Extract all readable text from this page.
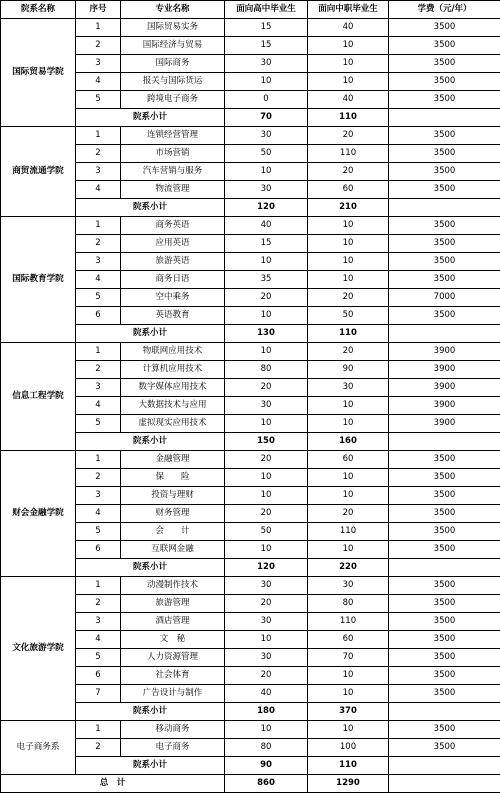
院系名称	序号	专业名称	面向高中毕业生	面向中职毕业生	学费（元/年）
国际贸易学院	1	国际贸易实务	15	40	3500
	2	国际经济与贸易	15	10	3500
	3	国际商务	30	10	3500
	4	报关与国际货运	10	10	3500
	5	跨境电子商务	0	40	3500
	院系小计		70	110	
商贸流通学院	1	连锁经营管理	30	20	3500
	2	市场营销	50	110	3500
	3	汽车营销与服务	10	20	3500
	4	物流管理	30	60	3500
	院系小计		120	210	
国际教育学院	1	商务英语	40	10	3500
	2	应用英语	15	10	3500
	3	旅游英语	10	10	3500
	4	商务日语	35	10	3500
	5	空中乘务	20	20	7000
	6	英语教育	10	50	3500
	院系小计		130	110	
信息工程学院	1	物联网应用技术	10	20	3900
	2	计算机应用技术	80	90	3900
	3	数字媒体应用技术	20	30	3900
	4	大数据技术与应用	30	10	3900
	5	虚拟现实应用技术	10	10	3900
	院系小计		150	160	
财会金融学院	1	金融管理	20	60	3500
	2	保　　险	10	10	3500
	3	投资与理财	10	10	3500
	4	财务管理	20	20	3500
	5	会　　计	50	110	3500
	6	互联网金融	10	10	3500
	院系小计		120	220	
文化旅游学院	1	动漫制作技术	30	30	3500
	2	旅游管理	20	80	3500
	3	酒店管理	30	110	3500
	4	文　秘	10	60	3500
	5	人力资源管理	30	70	3500
	6	社会体育	20	10	3500
	7	广告设计与制作	40	10	3500
	院系小计		180	370	
电子商务系	1	移动商务	10	10	3500
	2	电子商务	80	100	3500
	院系小计		90	110	
总　计			860	1290	
